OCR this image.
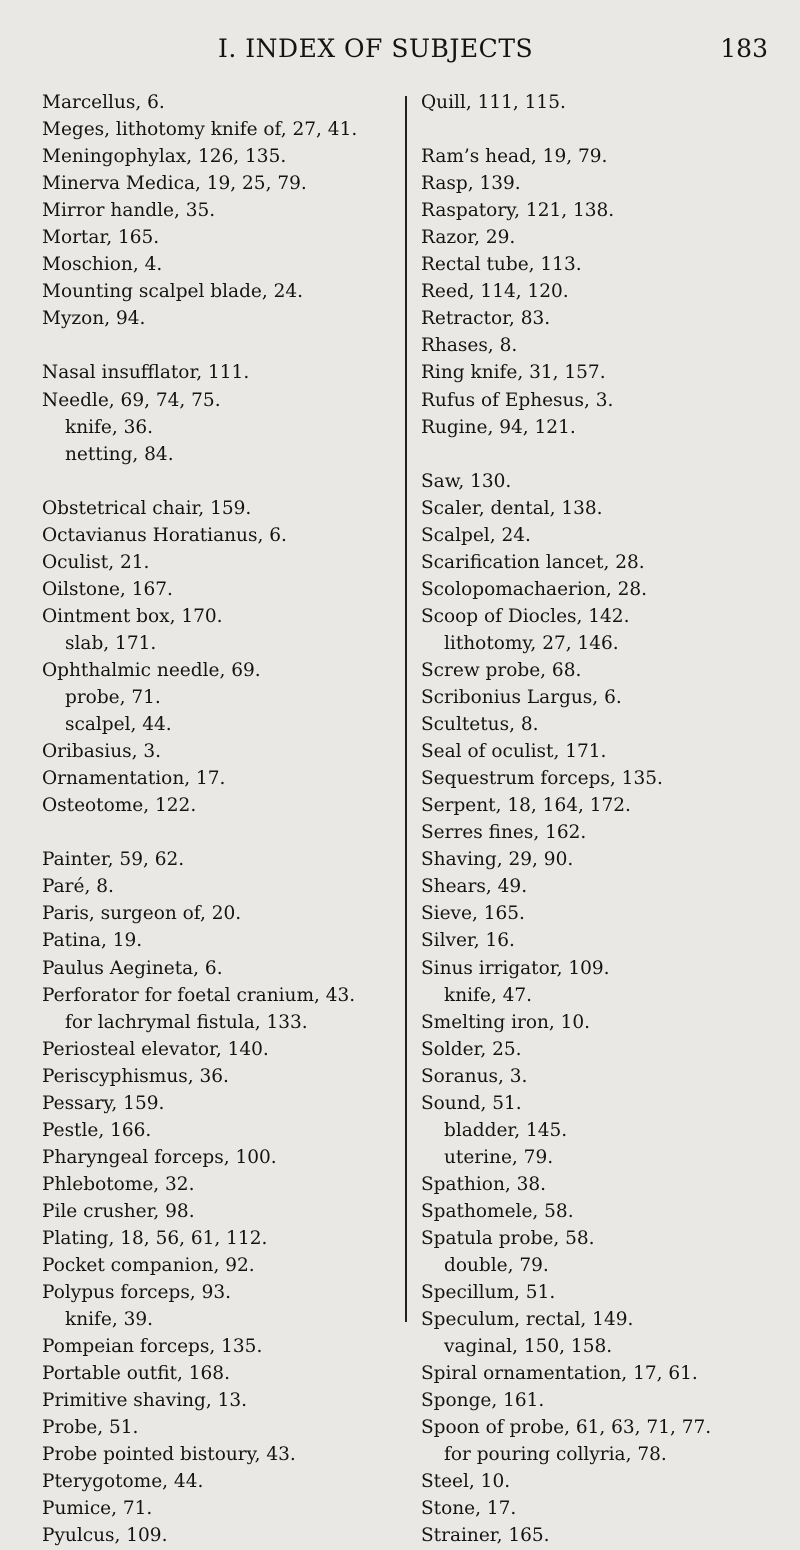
I. INDEX OF SUBJECTS	183
Marcellus, 6.
Meges, lithotomy knife of, 27, 41.
Meningophylax, 126, 135.
Minerva Medica, 19, 25, 79.
Mirror handle, 35.
Mortar, 165.
Moschion, 4.
Mounting scalpel blade, 24.
Myzon, 94.
Nasal insufflator, 111.
Needle, 69, 74, 75.
knife, 36.
netting, 84.
Obstetrical chair, 159.
Octavianus Horatianus, 6.
Oculist, 21.
Oilstone, 167.
Ointment box, 170.
slab, 171.
Ophthalmic needle, 69.
probe, 71.
scalpel, 44.
Oribasius, 3.
Ornamentation, 17.
Osteotome, 122.
Painter, 59, 62.
Paré, 8.
Paris, surgeon of, 20.
Patina, 19.
Paulus Aegineta, 6.
Perforator for foetal cranium, 43.
for lachrymal fistula, 133.
Periosteal elevator, 140.
Periscyphismus, 36.
Pessary, 159.
Pestle, 166.
Pharyngeal forceps, 100.
Phlebotome, 32.
Pile crusher, 98.
Plating, 18, 56, 61, 112.
Pocket companion, 92.
Polypus forceps, 93.
knife, 39.
Pompeian forceps, 135.
Portable outfit, 168.
Primitive shaving, 13.
Probe, 51.
Probe pointed bistoury, 43.
Pterygotome, 44.
Pumice, 71.
Pyulcus, 109.
Quill, 111, 115.
Ram’s head, 19, 79.
Rasp, 139.
Raspatory, 121, 138.
Razor, 29.
Rectal tube, 113.
Reed, 114, 120.
Retractor, 83.
Rhases, 8.
Ring knife, 31, 157.
Rufus of Ephesus, 3.
Rugine, 94, 121.
Saw, 130.
Scaler, dental, 138.
Scalpel, 24.
Scarification lancet, 28.
Scolopomachaerion, 28.
Scoop of Diocles, 142.
lithotomy, 27, 146.
Screw probe, 68.
Scribonius Largus, 6.
Scultetus, 8.
Seal of oculist, 171.
Sequestrum forceps, 135.
Serpent, 18, 164, 172.
Serres fines, 162.
Shaving, 29, 90.
Shears, 49.
Sieve, 165.
Silver, 16.
Sinus irrigator, 109.
knife, 47.
Smelting iron, 10.
Solder, 25.
Soranus, 3.
Sound, 51.
bladder, 145.
uterine, 79.
Spathion, 38.
Spathomele, 58.
Spatula probe, 58.
double, 79.
Specillum, 51.
Speculum, rectal, 149.
vaginal, 150, 158.
Spiral ornamentation, 17, 61.
Sponge, 161.
Spoon of probe, 61, 63, 71, 77.
for pouring collyria, 78.
Steel, 10.
Stone, 17.
Strainer, 165.
